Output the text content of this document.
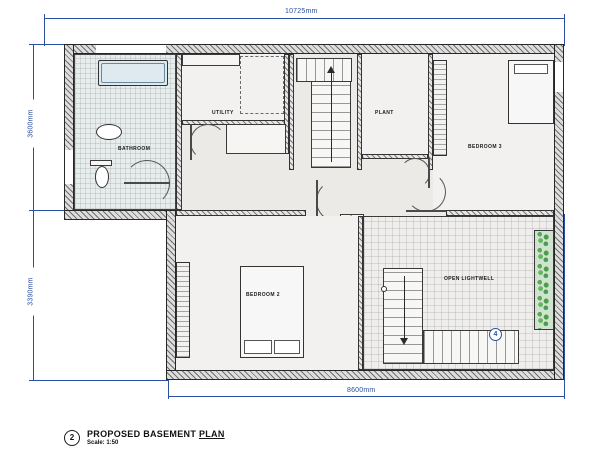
10725mm
3600mm
3390mm
8600mm
BATHROOM
UTILITY	PLANT
BEDROOM 3
BEDROOM 2
OPEN LIGHTWELL
4
2	PROPOSED BASEMENT PLAN
Scale: 1:50
